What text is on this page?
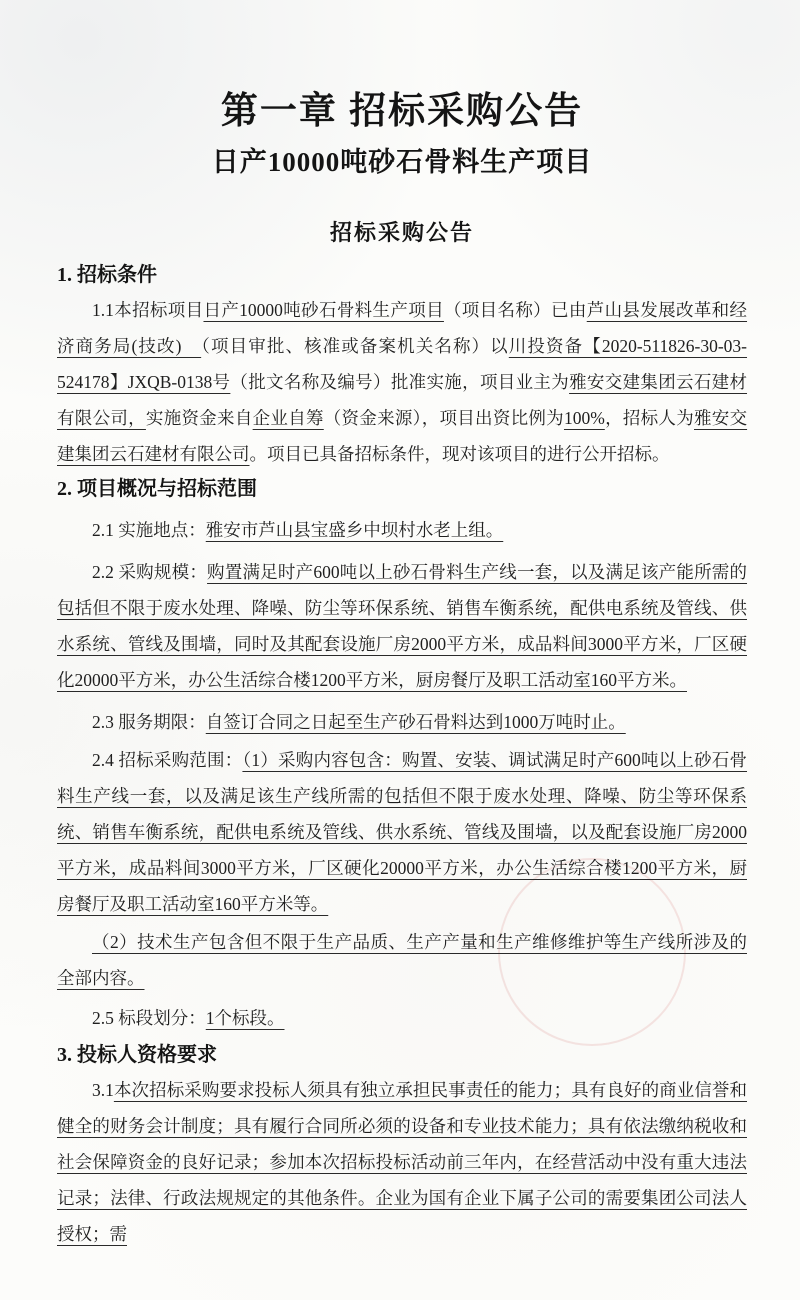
第一章 招标采购公告
日产10000吨砂石骨料生产项目
招标采购公告
1. 招标条件

1.1本招标项目日产10000吨砂石骨料生产项目（项目名称）已由芦山县发展改革和经济商务局(技改)　（项目审批、核准或备案机关名称）以川投资备【2020-511826-30-03-524178】JXQB-0138号（批文名称及编号）批准实施，项目业主为雅安交建集团云石建材有限公司，实施资金来自企业自筹（资金来源），项目出资比例为100%，招标人为雅安交建集团云石建材有限公司。项目已具备招标条件，现对该项目的进行公开招标。

2. 项目概况与招标范围

2.1 实施地点：雅安市芦山县宝盛乡中坝村水老上组。

2.2 采购规模：购置满足时产600吨以上砂石骨料生产线一套，以及满足该产能所需的包括但不限于废水处理、降噪、防尘等环保系统、销售车衡系统，配供电系统及管线、供水系统、管线及围墙，同时及其配套设施厂房2000平方米，成品料间3000平方米，厂区硬化20000平方米，办公生活综合楼1200平方米，厨房餐厅及职工活动室160平方米。

2.3 服务期限：自签订合同之日起至生产砂石骨料达到1000万吨时止。

2.4 招标采购范围：（1）采购内容包含：购置、安装、调试满足时产600吨以上砂石骨料生产线一套，以及满足该生产线所需的包括但不限于废水处理、降噪、防尘等环保系统、销售车衡系统，配供电系统及管线、供水系统、管线及围墙，以及配套设施厂房2000平方米，成品料间3000平方米，厂区硬化20000平方米，办公生活综合楼1200平方米，厨房餐厅及职工活动室160平方米等。

（2）技术生产包含但不限于生产品质、生产产量和生产维修维护等生产线所涉及的全部内容。

2.5 标段划分：1个标段。

3. 投标人资格要求

3.1本次招标采购要求投标人须具有独立承担民事责任的能力；具有良好的商业信誉和健全的财务会计制度；具有履行合同所必须的设备和专业技术能力；具有依法缴纳税收和社会保障资金的良好记录；参加本次招标投标活动前三年内，在经营活动中没有重大违法记录；法律、行政法规规定的其他条件。企业为国有企业下属子公司的需要集团公司法人授权；需
